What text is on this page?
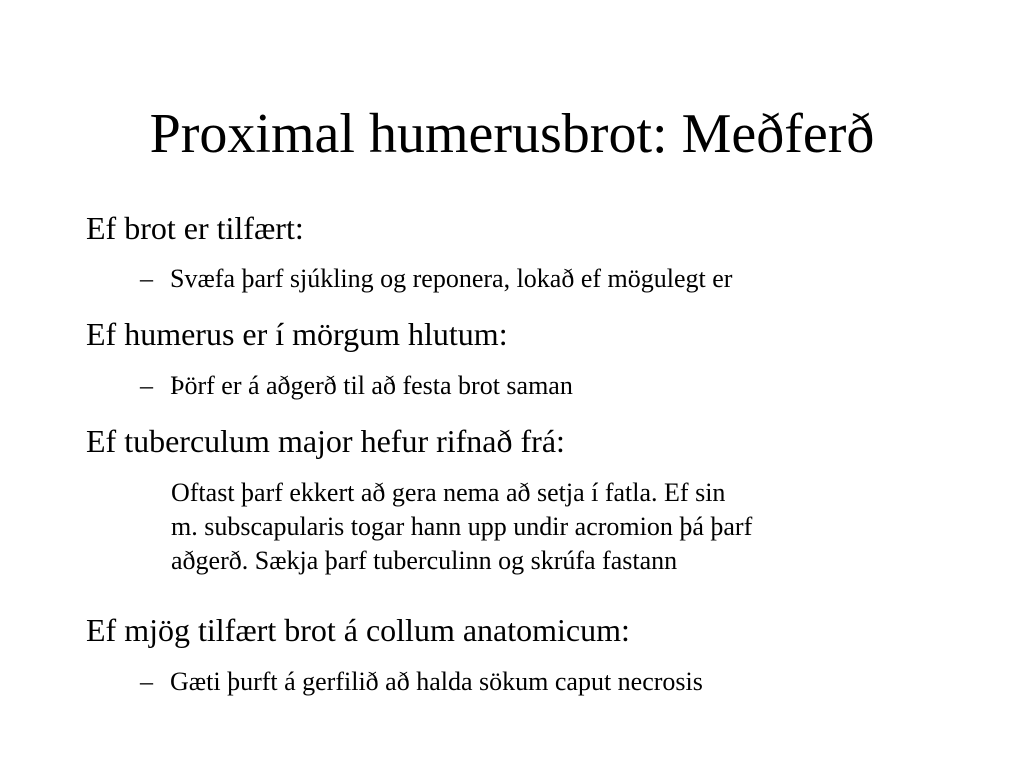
Proximal humerusbrot: Meðferð
Ef brot er tilfært:
– Svæfa þarf sjúkling og reponera, lokað ef mögulegt er
Ef humerus er í mörgum hlutum:
– Þörf er á aðgerð til að festa brot saman
Ef tuberculum major hefur rifnað frá:
Oftast þarf ekkert að gera nema að setja í fatla. Ef sin
m. subscapularis togar hann upp undir acromion þá þarf
aðgerð. Sækja þarf tuberculinn og skrúfa fastann
Ef mjög tilfært brot á collum anatomicum:
– Gæti þurft á gerfilið að halda sökum caput necrosis
